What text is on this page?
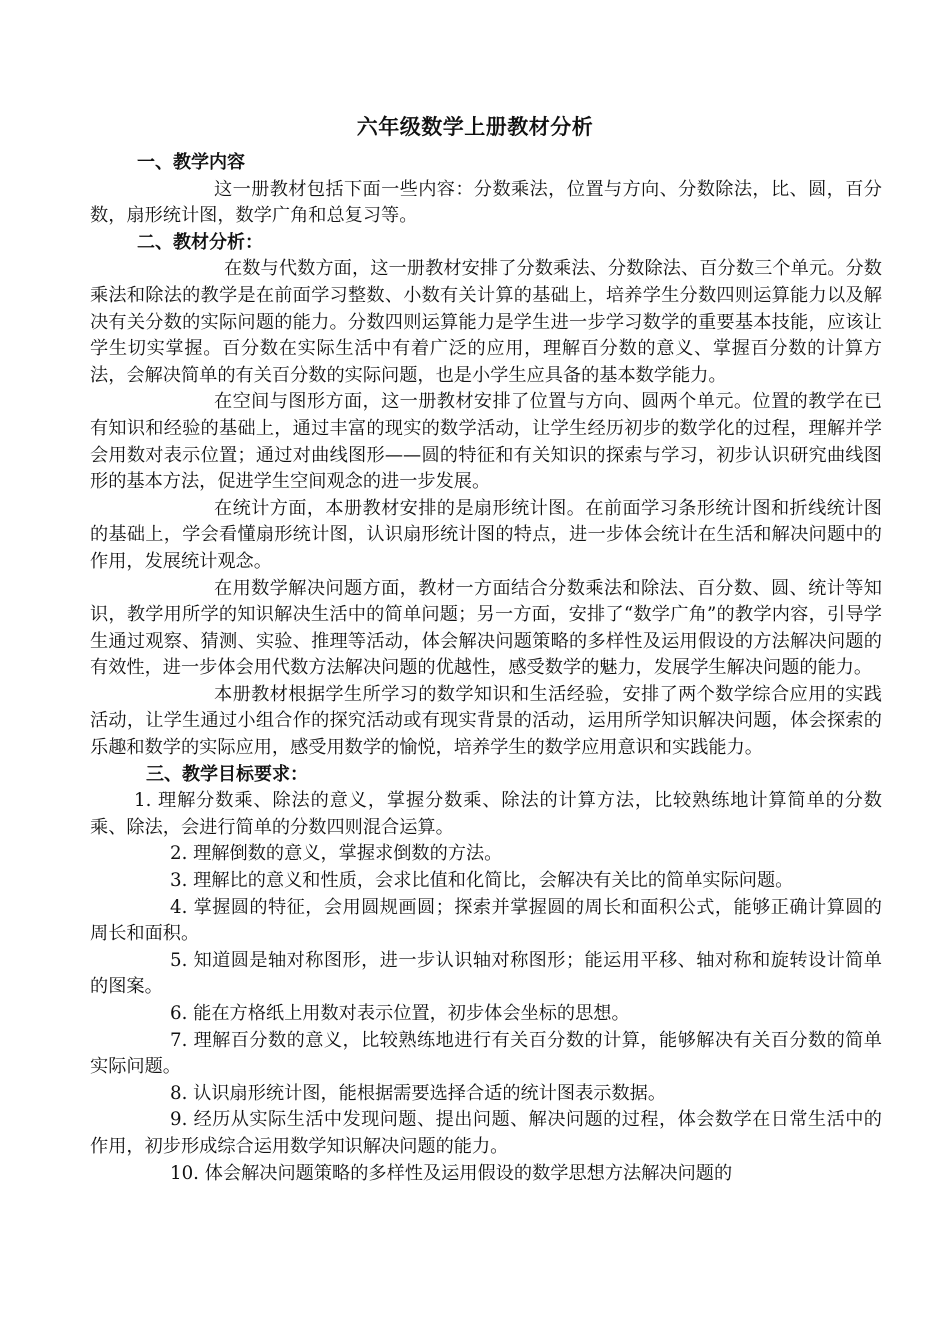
六年级数学上册教材分析
一、教学内容

这一册教材包括下面一些内容：分数乘法，位置与方向、分数除法，比、圆，百分数，扇形统计图，数学广角和总复习等。

二、教材分析：

在数与代数方面，这一册教材安排了分数乘法、分数除法、百分数三个单元。分数乘法和除法的教学是在前面学习整数、小数有关计算的基础上，培养学生分数四则运算能力以及解决有关分数的实际问题的能力。分数四则运算能力是学生进一步学习数学的重要基本技能，应该让学生切实掌握。百分数在实际生活中有着广泛的应用，理解百分数的意义、掌握百分数的计算方法，会解决简单的有关百分数的实际问题，也是小学生应具备的基本数学能力。

在空间与图形方面，这一册教材安排了位置与方向、圆两个单元。位置的教学在已有知识和经验的基础上，通过丰富的现实的数学活动，让学生经历初步的数学化的过程，理解并学会用数对表示位置；通过对曲线图形——圆的特征和有关知识的探索与学习，初步认识研究曲线图形的基本方法，促进学生空间观念的进一步发展。

在统计方面，本册教材安排的是扇形统计图。在前面学习条形统计图和折线统计图的基础上，学会看懂扇形统计图，认识扇形统计图的特点，进一步体会统计在生活和解决问题中的作用，发展统计观念。

在用数学解决问题方面，教材一方面结合分数乘法和除法、百分数、圆、统计等知识，教学用所学的知识解决生活中的简单问题；另一方面，安排了“数学广角”的教学内容，引导学生通过观察、猜测、实验、推理等活动，体会解决问题策略的多样性及运用假设的方法解决问题的有效性，进一步体会用代数方法解决问题的优越性，感受数学的魅力，发展学生解决问题的能力。

本册教材根据学生所学习的数学知识和生活经验，安排了两个数学综合应用的实践活动，让学生通过小组合作的探究活动或有现实背景的活动，运用所学知识解决问题，体会探索的乐趣和数学的实际应用，感受用数学的愉悦，培养学生的数学应用意识和实践能力。

三、教学目标要求：

1. 理解分数乘、除法的意义，掌握分数乘、除法的计算方法，比较熟练地计算简单的分数乘、除法，会进行简单的分数四则混合运算。

2. 理解倒数的意义，掌握求倒数的方法。

3. 理解比的意义和性质，会求比值和化简比，会解决有关比的简单实际问题。

4. 掌握圆的特征，会用圆规画圆；探索并掌握圆的周长和面积公式，能够正确计算圆的周长和面积。

5. 知道圆是轴对称图形，进一步认识轴对称图形；能运用平移、轴对称和旋转设计简单的图案。

6. 能在方格纸上用数对表示位置，初步体会坐标的思想。

7. 理解百分数的意义，比较熟练地进行有关百分数的计算，能够解决有关百分数的简单实际问题。

8. 认识扇形统计图，能根据需要选择合适的统计图表示数据。

9. 经历从实际生活中发现问题、提出问题、解决问题的过程，体会数学在日常生活中的作用，初步形成综合运用数学知识解决问题的能力。

10. 体会解决问题策略的多样性及运用假设的数学思想方法解决问题的
